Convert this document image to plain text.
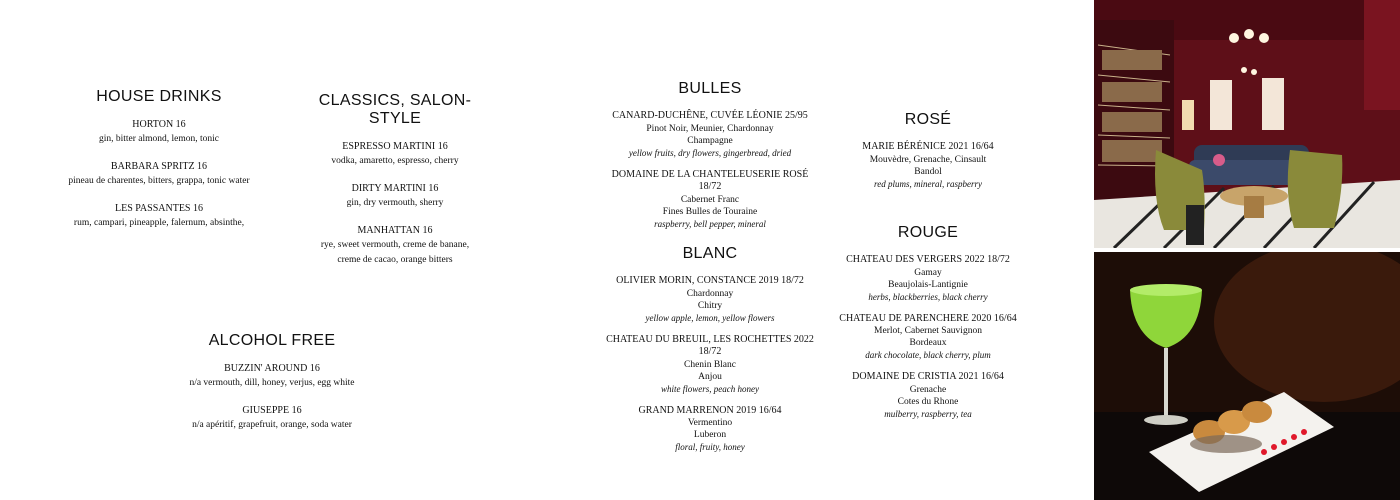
HOUSE DRINKS
HORTON 16
gin, bitter almond, lemon, tonic
BARBARA SPRITZ 16
pineau de charentes, bitters, grappa, tonic water
LES PASSANTES 16
rum, campari, pineapple, falernum, absinthe,
CLASSICS, SALON-STYLE
ESPRESSO MARTINI 16
vodka, amaretto, espresso, cherry
DIRTY MARTINI 16
gin, dry vermouth, sherry
MANHATTAN 16
rye, sweet vermouth, creme de banane, creme de cacao, orange bitters
ALCOHOL FREE
BUZZIN' AROUND 16
n/a vermouth, dill, honey, verjus, egg white
GIUSEPPE 16
n/a apéritif, grapefruit, orange, soda water
BULLES
CANARD-DUCHÊNE, CUVÉE LÉONIE 25/95
Pinot Noir, Meunier, Chardonnay
Champagne
yellow fruits, dry flowers, gingerbread, dried
DOMAINE DE LA CHANTELEUSERIE ROSÉ 18/72
Cabernet Franc
Fines Bulles de Touraine
raspberry, bell pepper, mineral
BLANC
OLIVIER MORIN, CONSTANCE 2019 18/72
Chardonnay
Chitry
yellow apple, lemon, yellow flowers
CHATEAU DU BREUIL, LES ROCHETTES 2022 18/72
Chenin Blanc
Anjou
white flowers, peach honey
GRAND MARRENON 2019 16/64
Vermentino
Luberon
floral, fruity, honey
ROSÉ
MARIE BÉRÉNICE 2021 16/64
Mouvèdre, Grenache, Cinsault
Bandol
red plums, mineral, raspberry
ROUGE
CHATEAU DES VERGERS 2022 18/72
Gamay
Beaujolais-Lantignie
herbs, blackberries, black cherry
CHATEAU DE PARENCHERE 2020 16/64
Merlot, Cabernet Sauvignon
Bordeaux
dark chocolate, black cherry, plum
DOMAINE DE CRISTIA 2021 16/64
Grenache
Cotes du Rhone
mulberry, raspberry, tea
